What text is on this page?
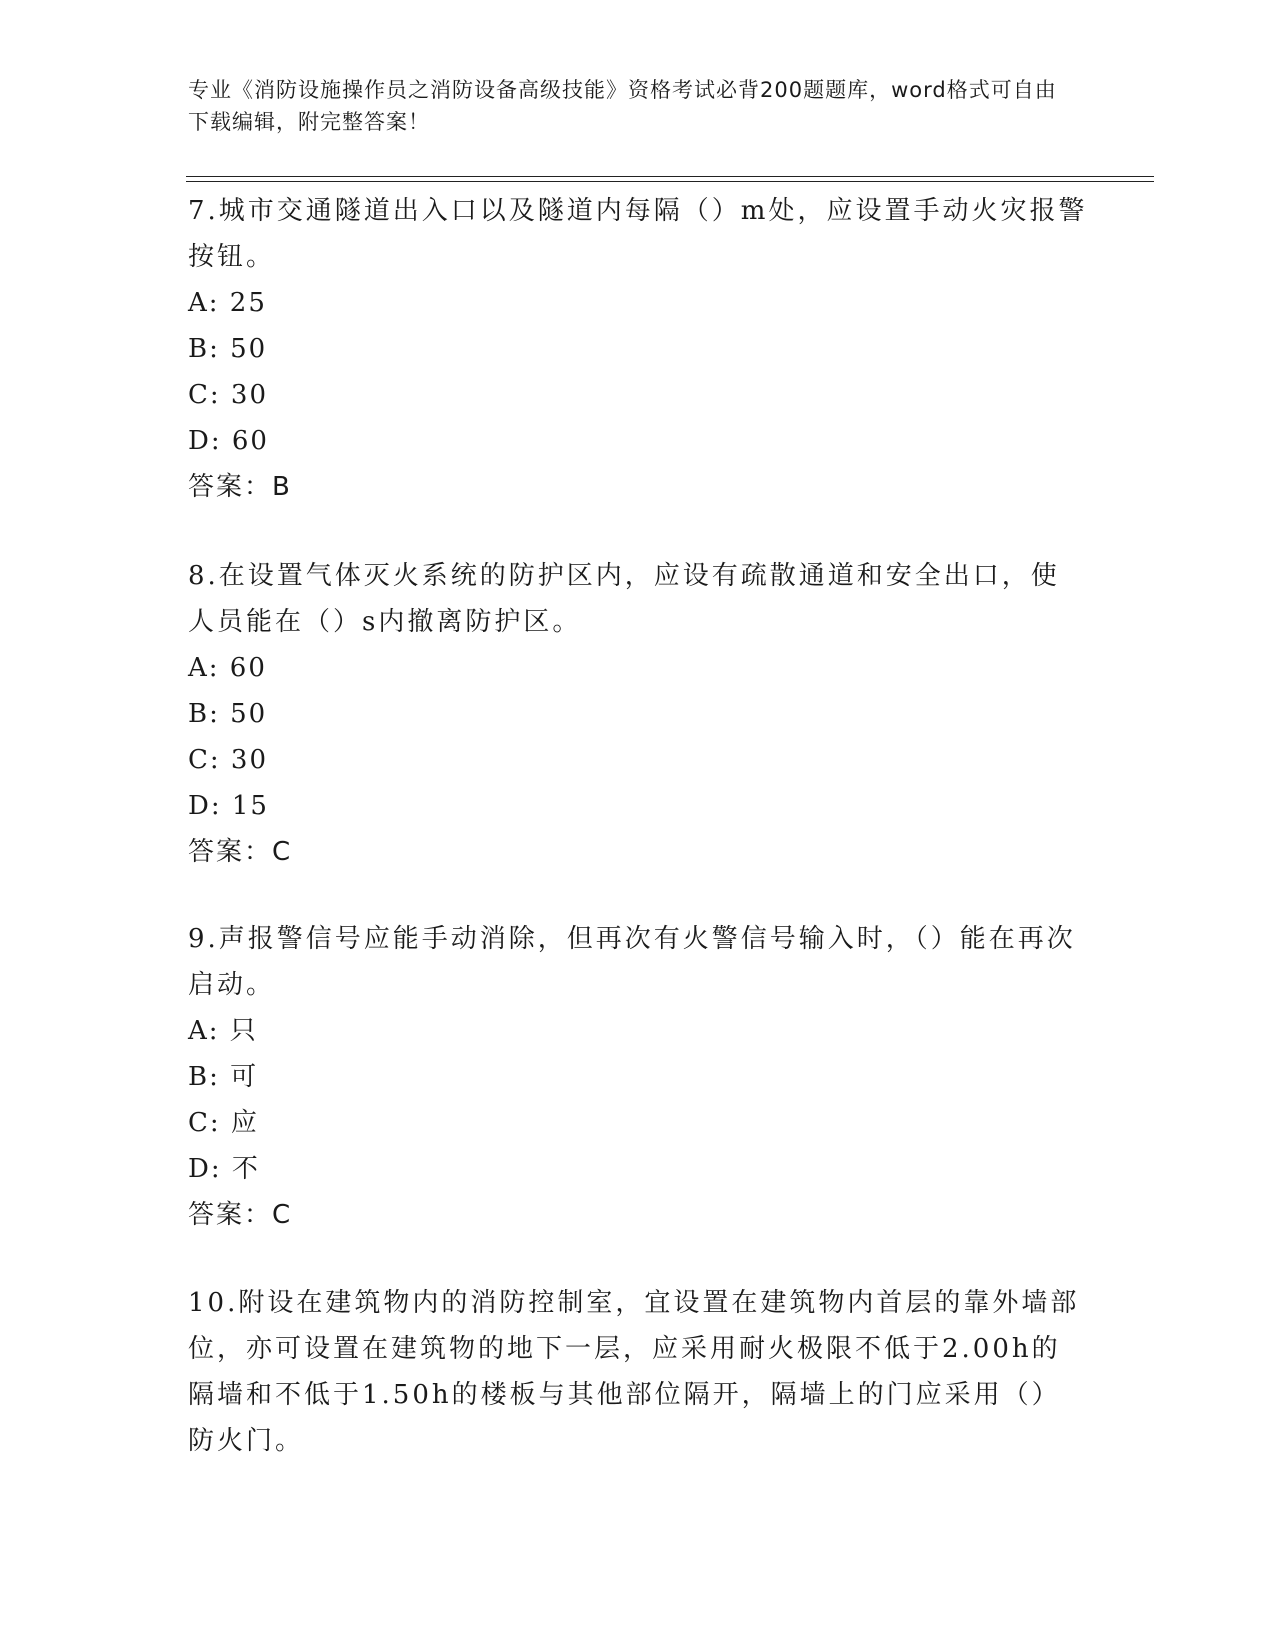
专业《消防设施操作员之消防设备高级技能》资格考试必背200题题库，word格式可自由下载编辑，附完整答案！

7.城市交通隧道出入口以及隧道内每隔（）m处，应设置手动火灾报警按钮。

A: 25

B: 50

C: 30

D: 60

答案：B

8.在设置气体灭火系统的防护区内，应设有疏散通道和安全出口，使人员能在（）s内撤离防护区。

A: 60

B: 50

C: 30

D: 15

答案：C

9.声报警信号应能手动消除，但再次有火警信号输入时，（）能在再次启动。

A: 只

B: 可

C: 应

D: 不

答案：C

10.附设在建筑物内的消防控制室，宜设置在建筑物内首层的靠外墙部位，亦可设置在建筑物的地下一层，应采用耐火极限不低于2.00h的隔墙和不低于1.50h的楼板与其他部位隔开，隔墙上的门应采用（）防火门。
